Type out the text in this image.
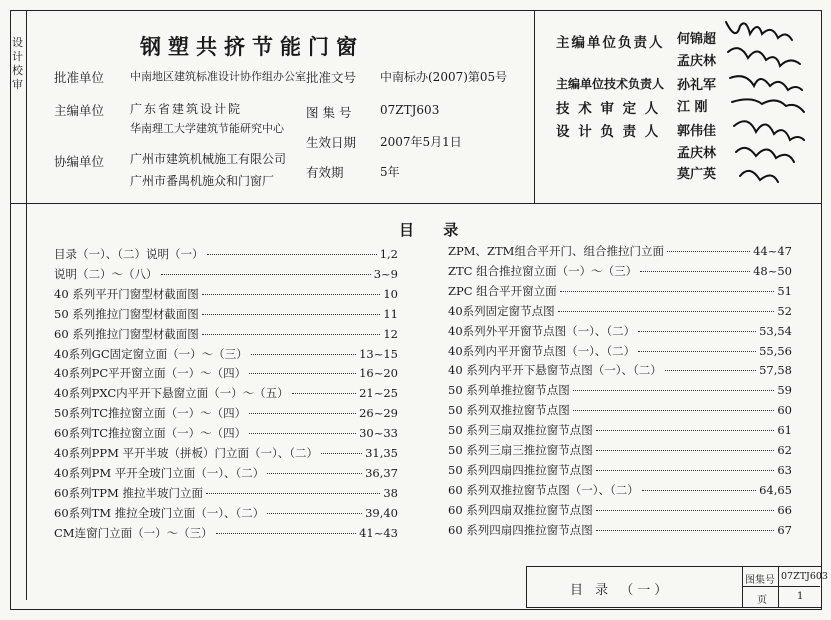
设计 校审
钢塑共挤节能门窗
批准单位 中南地区建筑标准设计协作组办公室
主编单位 广东省建筑设计院
华南理工大学建筑节能研究中心
协编单位 广州市建筑机械施工有限公司
广州市番禺机施众和门窗厂
批准文号 中南标办(2007)第05号
图 集 号 07ZTJ603
生效日期 2007年5月1日
有效期	5年
主编单位负责人 何锦超
孟庆林
主编单位技术负责人 孙礼军
技 术 审 定 人 江 刚
设 计 负 责 人 郭伟佳
孟庆林
莫广英
目 录
目录（一）、（二）说明（一）	1,2
说明（二）～（八）	3~9
40 系列平开门窗型材截面图	10
50 系列推拉门窗型材截面图	11
60 系列推拉门窗型材截面图	12
40系列GC固定窗立面（一）～（三）	13~15
40系列PC平开窗立面（一）～（四）	16~20
40系列PXC内平开下悬窗立面（一）～（五）	21~25
50系列TC推拉窗立面（一）～（四）	26~29
60系列TC推拉窗立面（一）～（四）	30~33
40系列PPM 平开半玻（拼板）门立面（一）、（二）	31,35
40系列PM 平开全玻门立面（一）、（二）	36,37
60系列TPM 推拉半玻门立面	38
60系列TM 推拉全玻门立面（一）、（二）	39,40
CM连窗门立面（一）～（三）	41~43
ZPM、ZTM组合平开门、组合推拉门立面	44~47
ZTC 组合推拉窗立面（一）～（三）	48~50
ZPC 组合平开窗立面	51
40系列固定窗节点图	52
40系列外平开窗节点图（一）、（二）	53,54
40系列内平开窗节点图（一）、（二）	55,56
40 系列内平开下悬窗节点图（一）、（二）	57,58
50 系列单推拉窗节点图	59
50 系列双推拉窗节点图	60
50 系列三扇双推拉窗节点图	61
50 系列三扇三推拉窗节点图	62
50 系列四扇四推拉窗节点图	63
60 系列双推拉窗节点图（一）、（二）	64,65
60 系列四扇双推拉窗节点图	66
60 系列四扇四推拉窗节点图	67
目 录 （一）
图集号 07ZTJ603
页	1
